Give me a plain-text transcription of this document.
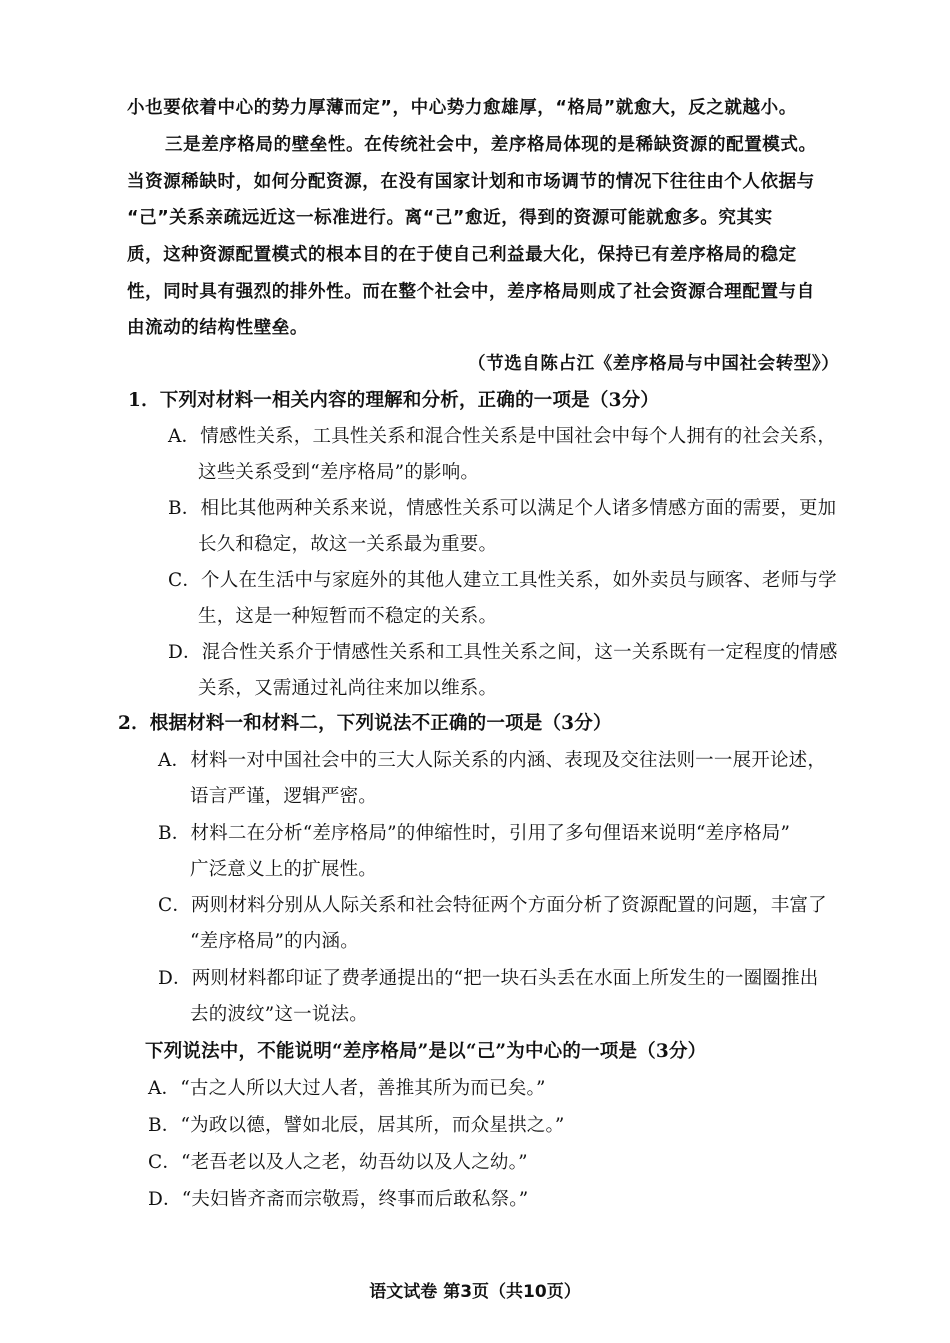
小也要依着中心的势力厚薄而定”，中心势力愈雄厚，“格局”就愈大，反之就越小。
三是差序格局的壁垒性。在传统社会中，差序格局体现的是稀缺资源的配置模式。
当资源稀缺时，如何分配资源，在没有国家计划和市场调节的情况下往往由个人依据与
“己”关系亲疏远近这一标准进行。离“己”愈近，得到的资源可能就愈多。究其实
质，这种资源配置模式的根本目的在于使自己利益最大化，保持已有差序格局的稳定
性，同时具有强烈的排外性。而在整个社会中，差序格局则成了社会资源合理配置与自
由流动的结构性壁垒。
（节选自陈占江《差序格局与中国社会转型》）
1．下列对材料一相关内容的理解和分析，正确的一项是（3分）
A．情感性关系，工具性关系和混合性关系是中国社会中每个人拥有的社会关系，
这些关系受到“差序格局”的影响。
B．相比其他两种关系来说，情感性关系可以满足个人诸多情感方面的需要，更加
长久和稳定，故这一关系最为重要。
C．个人在生活中与家庭外的其他人建立工具性关系，如外卖员与顾客、老师与学
生，这是一种短暂而不稳定的关系。
D．混合性关系介于情感性关系和工具性关系之间，这一关系既有一定程度的情感
关系，又需通过礼尚往来加以维系。
2．根据材料一和材料二，下列说法不正确的一项是（3分）
A．材料一对中国社会中的三大人际关系的内涵、表现及交往法则一一展开论述，
语言严谨，逻辑严密。
B．材料二在分析“差序格局”的伸缩性时，引用了多句俚语来说明“差序格局”
广泛意义上的扩展性。
C．两则材料分别从人际关系和社会特征两个方面分析了资源配置的问题，丰富了
“差序格局”的内涵。
D．两则材料都印证了费孝通提出的“把一块石头丢在水面上所发生的一圈圈推出
去的波纹”这一说法。
下列说法中，不能说明“差序格局”是以“己”为中心的一项是（3分）
A．“古之人所以大过人者，善推其所为而已矣。”
B．“为政以德，譬如北辰，居其所，而众星拱之。”
C．“老吾老以及人之老，幼吾幼以及人之幼。”
D．“夫妇皆齐斋而宗敬焉，终事而后敢私祭。”
语文试卷 第3页（共10页）
